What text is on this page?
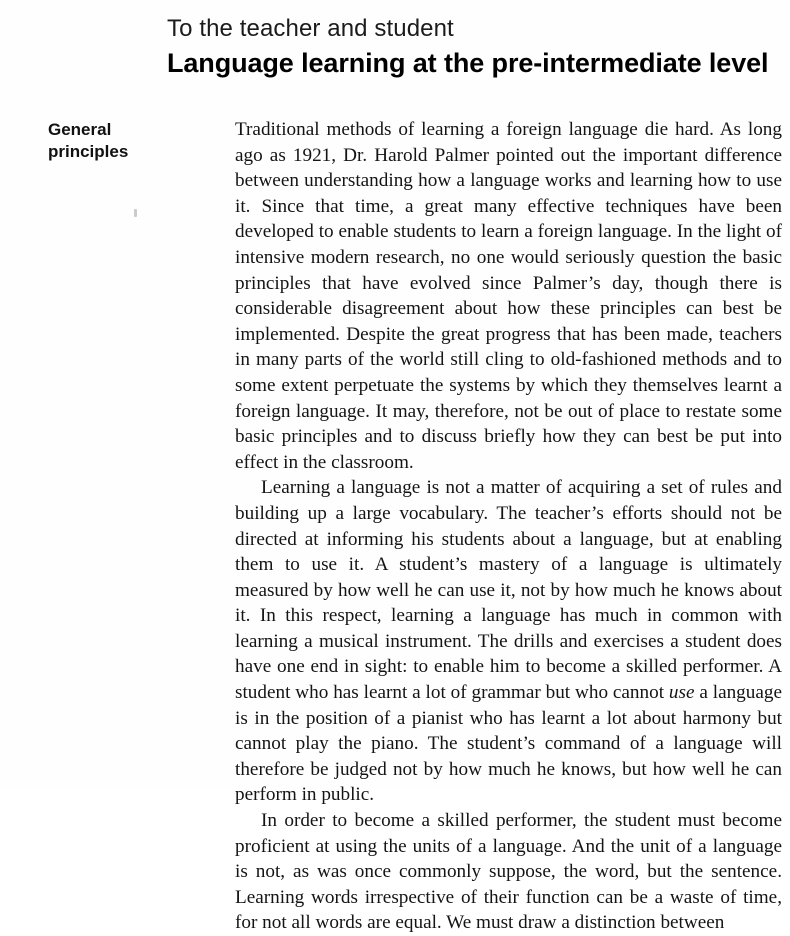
To the teacher and student
Language learning at the pre-intermediate level
General
principles

Traditional methods of learning a foreign language die hard. As long ago as 1921, Dr. Harold Palmer pointed out the important difference between understanding how a language works and learning how to use it. Since that time, a great many effective techniques have been developed to enable students to learn a foreign language. In the light of intensive modern research, no one would seriously question the basic principles that have evolved since Palmer’s day, though there is considerable disagreement about how these principles can best be implemented. Despite the great progress that has been made, teachers in many parts of the world still cling to old-fashioned methods and to some extent perpetuate the systems by which they themselves learnt a foreign language. It may, therefore, not be out of place to restate some basic principles and to discuss briefly how they can best be put into effect in the classroom.

Learning a language is not a matter of acquiring a set of rules and building up a large vocabulary. The teacher’s efforts should not be directed at informing his students about a language, but at enabling them to use it. A student’s mastery of a language is ultimately measured by how well he can use it, not by how much he knows about it. In this respect, learning a language has much in common with learning a musical instrument. The drills and exercises a student does have one end in sight: to enable him to become a skilled performer. A student who has learnt a lot of grammar but who cannot use a language is in the position of a pianist who has learnt a lot about harmony but cannot play the piano. The student’s command of a language will therefore be judged not by how much he knows, but how well he can perform in public.

In order to become a skilled performer, the student must become proficient at using the units of a language. And the unit of a language is not, as was once commonly suppose, the word, but the sentence. Learning words irrespective of their function can be a waste of time, for not all words are equal. We must draw a distinction between
